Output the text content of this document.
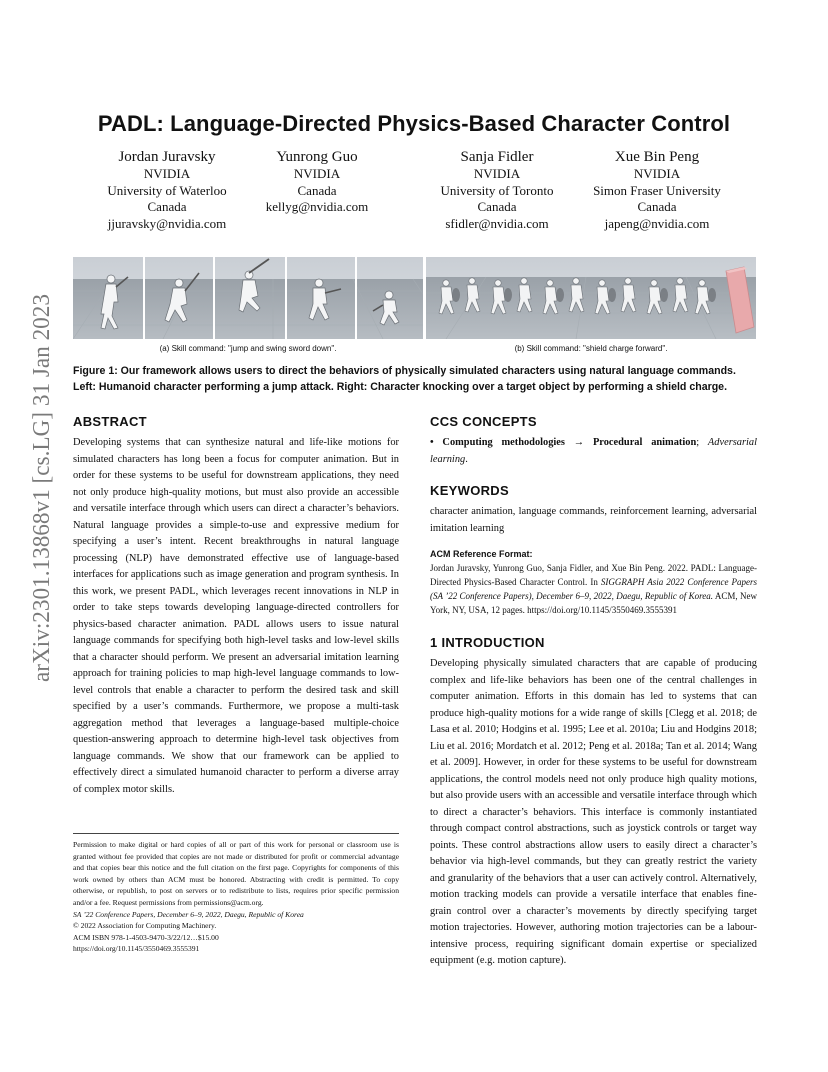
arXiv:2301.13868v1 [cs.LG] 31 Jan 2023
PADL: Language-Directed Physics-Based Character Control
Jordan Juravsky
NVIDIA
University of Waterloo
Canada
jjuravsky@nvidia.com
Yunrong Guo
NVIDIA
Canada
kellyg@nvidia.com
Sanja Fidler
NVIDIA
University of Toronto
Canada
sfidler@nvidia.com
Xue Bin Peng
NVIDIA
Simon Fraser University
Canada
japeng@nvidia.com
(a) Skill command: "jump and swing sword down".	(b) Skill command: "shield charge forward".
Figure 1: Our framework allows users to direct the behaviors of physically simulated characters using natural language commands. Left: Humanoid character performing a jump attack. Right: Character knocking over a target object by performing a shield charge.
ABSTRACT

Developing systems that can synthesize natural and life-like motions for simulated characters has long been a focus for computer animation. But in order for these systems to be useful for downstream applications, they need not only produce high-quality motions, but must also provide an accessible and versatile interface through which users can direct a character’s behaviors. Natural language provides a simple-to-use and expressive medium for specifying a user’s intent. Recent breakthroughs in natural language processing (NLP) have demonstrated effective use of language-based interfaces for applications such as image generation and program synthesis. In this work, we present PADL, which leverages recent innovations in NLP in order to take steps towards developing language-directed controllers for physics-based character animation. PADL allows users to issue natural language commands for specifying both high-level tasks and low-level skills that a character should perform. We present an adversarial imitation learning approach for training policies to map high-level language commands to low-level controls that enable a character to perform the desired task and skill specified by a user’s commands. Furthermore, we propose a multi-task aggregation method that leverages a language-based multiple-choice question-answering approach to determine high-level task objectives from language commands. We show that our framework can be applied to effectively direct a simulated humanoid character to perform a diverse array of complex motor skills.

Permission to make digital or hard copies of all or part of this work for personal or classroom use is granted without fee provided that copies are not made or distributed for profit or commercial advantage and that copies bear this notice and the full citation on the first page. Copyrights for components of this work owned by others than ACM must be honored. Abstracting with credit is permitted. To copy otherwise, or republish, to post on servers or to redistribute to lists, requires prior specific permission and/or a fee. Request permissions from permissions@acm.org.
SA ’22 Conference Papers, December 6–9, 2022, Daegu, Republic of Korea
© 2022 Association for Computing Machinery.
ACM ISBN 978-1-4503-9470-3/22/12…$15.00
https://doi.org/10.1145/3550469.3555391
CCS CONCEPTS

• Computing methodologies → Procedural animation; Adversarial learning.

KEYWORDS

character animation, language commands, reinforcement learning, adversarial imitation learning

ACM Reference Format:

Jordan Juravsky, Yunrong Guo, Sanja Fidler, and Xue Bin Peng. 2022. PADL: Language-Directed Physics-Based Character Control. In SIGGRAPH Asia 2022 Conference Papers (SA ’22 Conference Papers), December 6–9, 2022, Daegu, Republic of Korea. ACM, New York, NY, USA, 12 pages. https://doi.org/10.1145/3550469.3555391

1 INTRODUCTION

Developing physically simulated characters that are capable of producing complex and life-like behaviors has been one of the central challenges in computer animation. Efforts in this domain has led to systems that can produce high-quality motions for a wide range of skills [Clegg et al. 2018; de Lasa et al. 2010; Hodgins et al. 1995; Lee et al. 2010a; Liu and Hodgins 2018; Liu et al. 2016; Mordatch et al. 2012; Peng et al. 2018a; Tan et al. 2014; Wang et al. 2009]. However, in order for these systems to be useful for downstream applications, the control models need not only produce high quality motions, but also provide users with an accessible and versatile interface through which to direct a character’s behaviors. This interface is commonly instantiated through compact control abstractions, such as joystick controls or target way points. These control abstractions allow users to easily direct a character’s behavior via high-level commands, but they can greatly restrict the variety and granularity of the behaviors that a user can actively control. Alternatively, motion tracking models can provide a versatile interface that enables fine-grain control over a character’s movements by directly specifying target motion trajectories. However, authoring motion trajectories can be a labour-intensive process, requiring significant domain expertise or specialized equipment (e.g. motion capture).
